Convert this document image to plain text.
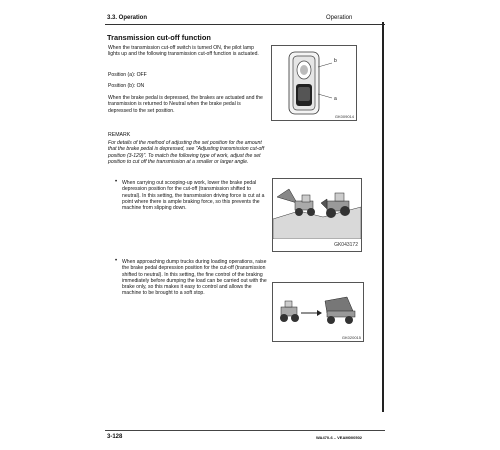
3.3. Operation	Operation
Transmission cut-off function
When the transmission cut-off switch is turned ON, the pilot lamp lights up and the following transmission cut-off function is actuated.
Position (a): OFF
Position (b): ON
When the brake pedal is depressed, the brakes are actuated and the transmission is returned to Neutral when the brake pedal is depressed to the set position.
b
a
GK009014
REMARK
For details of the method of adjusting the set position for the amount that the brake pedal is depressed, see "Adjusting transmission cut-off position (3-129)". To match the following type of work, adjust the set position to cut off the transmission at a smaller or larger angle.
• When carrying out scooping-up work, lower the brake pedal depression position for the cut-off (transmission shifted to neutral). In this setting, the transmission driving force is cut at a point where there is ample braking force, so this prevents the machine from slipping down.
GK043172
• When approaching dump trucks during loading operations, raise the brake pedal depression position for the cut-off (transmission shifted to neutral). In this setting, the fine control of the braking immediately before dumping the load can be carried out with the brake only, so this makes it easy to control and allows the machine to be brought to a soft stop.
GK020015
3-128	WA470-6 – VEAM000502
